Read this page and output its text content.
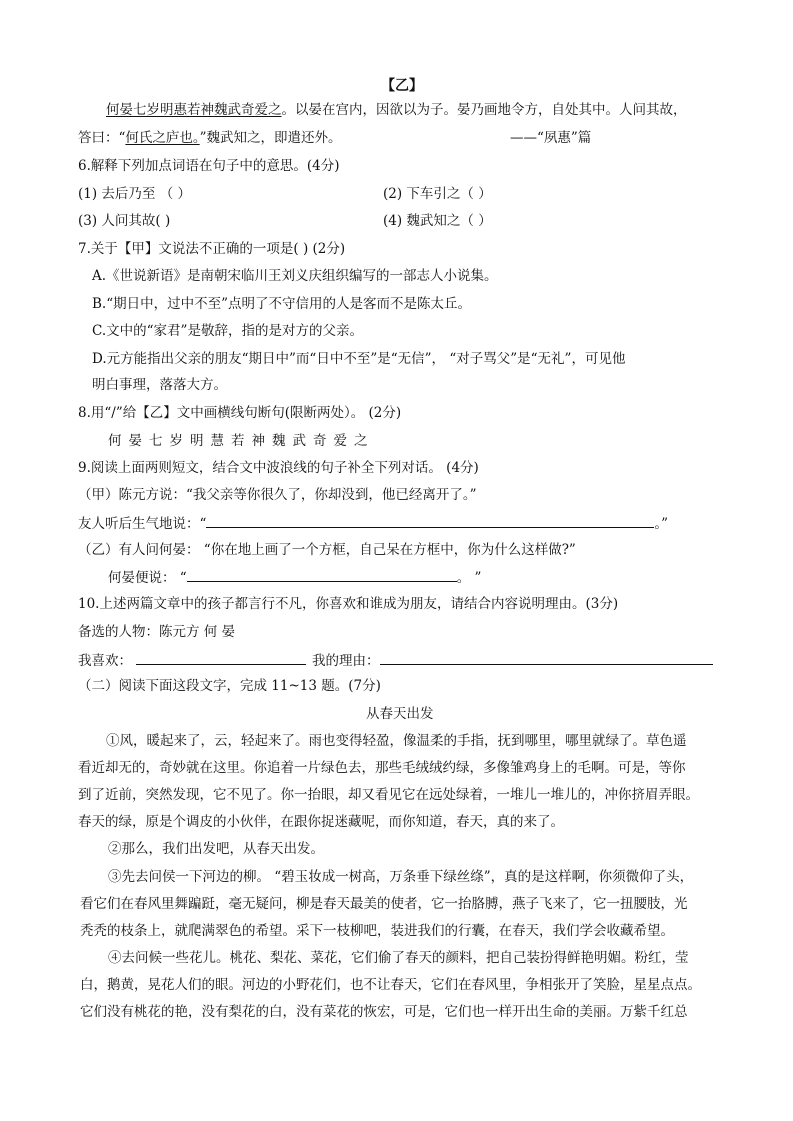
【乙】
何晏七岁明惠若神魏武奇爱之。以晏在宫内，因欲以为子。晏乃画地令方，自处其中。人问其故，
答曰：“何氏之庐也。”魏武知之，即遣还外。	——“夙惠”篇
6.解释下列加点词语在句子中的意思。(4分)
(1) 去后乃至 （ ）	(2) 下车引之（ ）
(3) 人问其故( )	(4) 魏武知之（ ）
7.关于【甲】文说法不正确的一项是( ) (2分)
A.《世说新语》是南朝宋临川王刘义庆组织编写的一部志人小说集。
B.“期日中，过中不至”点明了不守信用的人是客而不是陈太丘。
C.文中的“家君”是敬辞，指的是对方的父亲。
D.元方能指出父亲的朋友“期日中”而“日中不至”是“无信”， “对子骂父”是“无礼”，可见他
明白事理，落落大方。
8.用“/”给【乙】文中画横线句断句(限断两处）。 (2分)
何晏七岁明慧若神魏武奇爱之
9.阅读上面两则短文，结合文中波浪线的句子补全下列对话。 (4分)
（甲）陈元方说：“我父亲等你很久了，你却没到，他已经离开了。”
友人听后生气地说：“	。”
（乙）有人问何晏： “你在地上画了一个方框，自己呆在方框中，你为什么这样做?”
何晏便说： “	。 ”
10.上述两篇文章中的孩子都言行不凡，你喜欢和谁成为朋友，请结合内容说明理由。(3分)
备选的人物：陈元方 何 晏
我喜欢：	我的理由：
（二）阅读下面这段文字，完成 11~13 题。(7分)
从春天出发
①风，暖起来了，云，轻起来了。雨也变得轻盈，像温柔的手指，抚到哪里，哪里就绿了。草色遥
看近却无的，奇妙就在这里。你追着一片绿色去，那些毛绒绒约绿，多像雏鸡身上的毛啊。可是，等你
到了近前，突然发现，它不见了。你一抬眼，却又看见它在远处绿着，一堆儿一堆儿的，冲你挤眉弄眼。
春天的绿，原是个调皮的小伙伴，在跟你捉迷藏呢，而你知道，春天，真的来了。
②那么，我们出发吧，从春天出发。
③先去问侯一下河边的柳。 “碧玉妆成一树高，万条垂下绿丝绦”，真的是这样啊，你须微仰了头，
看它们在春风里舞蹁跹，毫无疑问，柳是春天最美的使者，它一抬胳膊，燕子飞来了，它一扭腰肢，光
秃秃的枝条上，就爬满翠色的希望。采下一枝柳吧，装进我们的行囊，在春天，我们学会收藏希望。
④去问候一些花儿。桃花、梨花、菜花，它们偷了春天的颜料，把自己装扮得鲜艳明媚。粉红，莹
白，鹅黄，晃花人们的眼。河边的小野花们，也不让春天，它们在春风里，争相张开了笑脸，星星点点。
它们没有桃花的艳，没有梨花的白，没有菜花的恢宏，可是，它们也一样开出生命的美丽。万紫千红总
